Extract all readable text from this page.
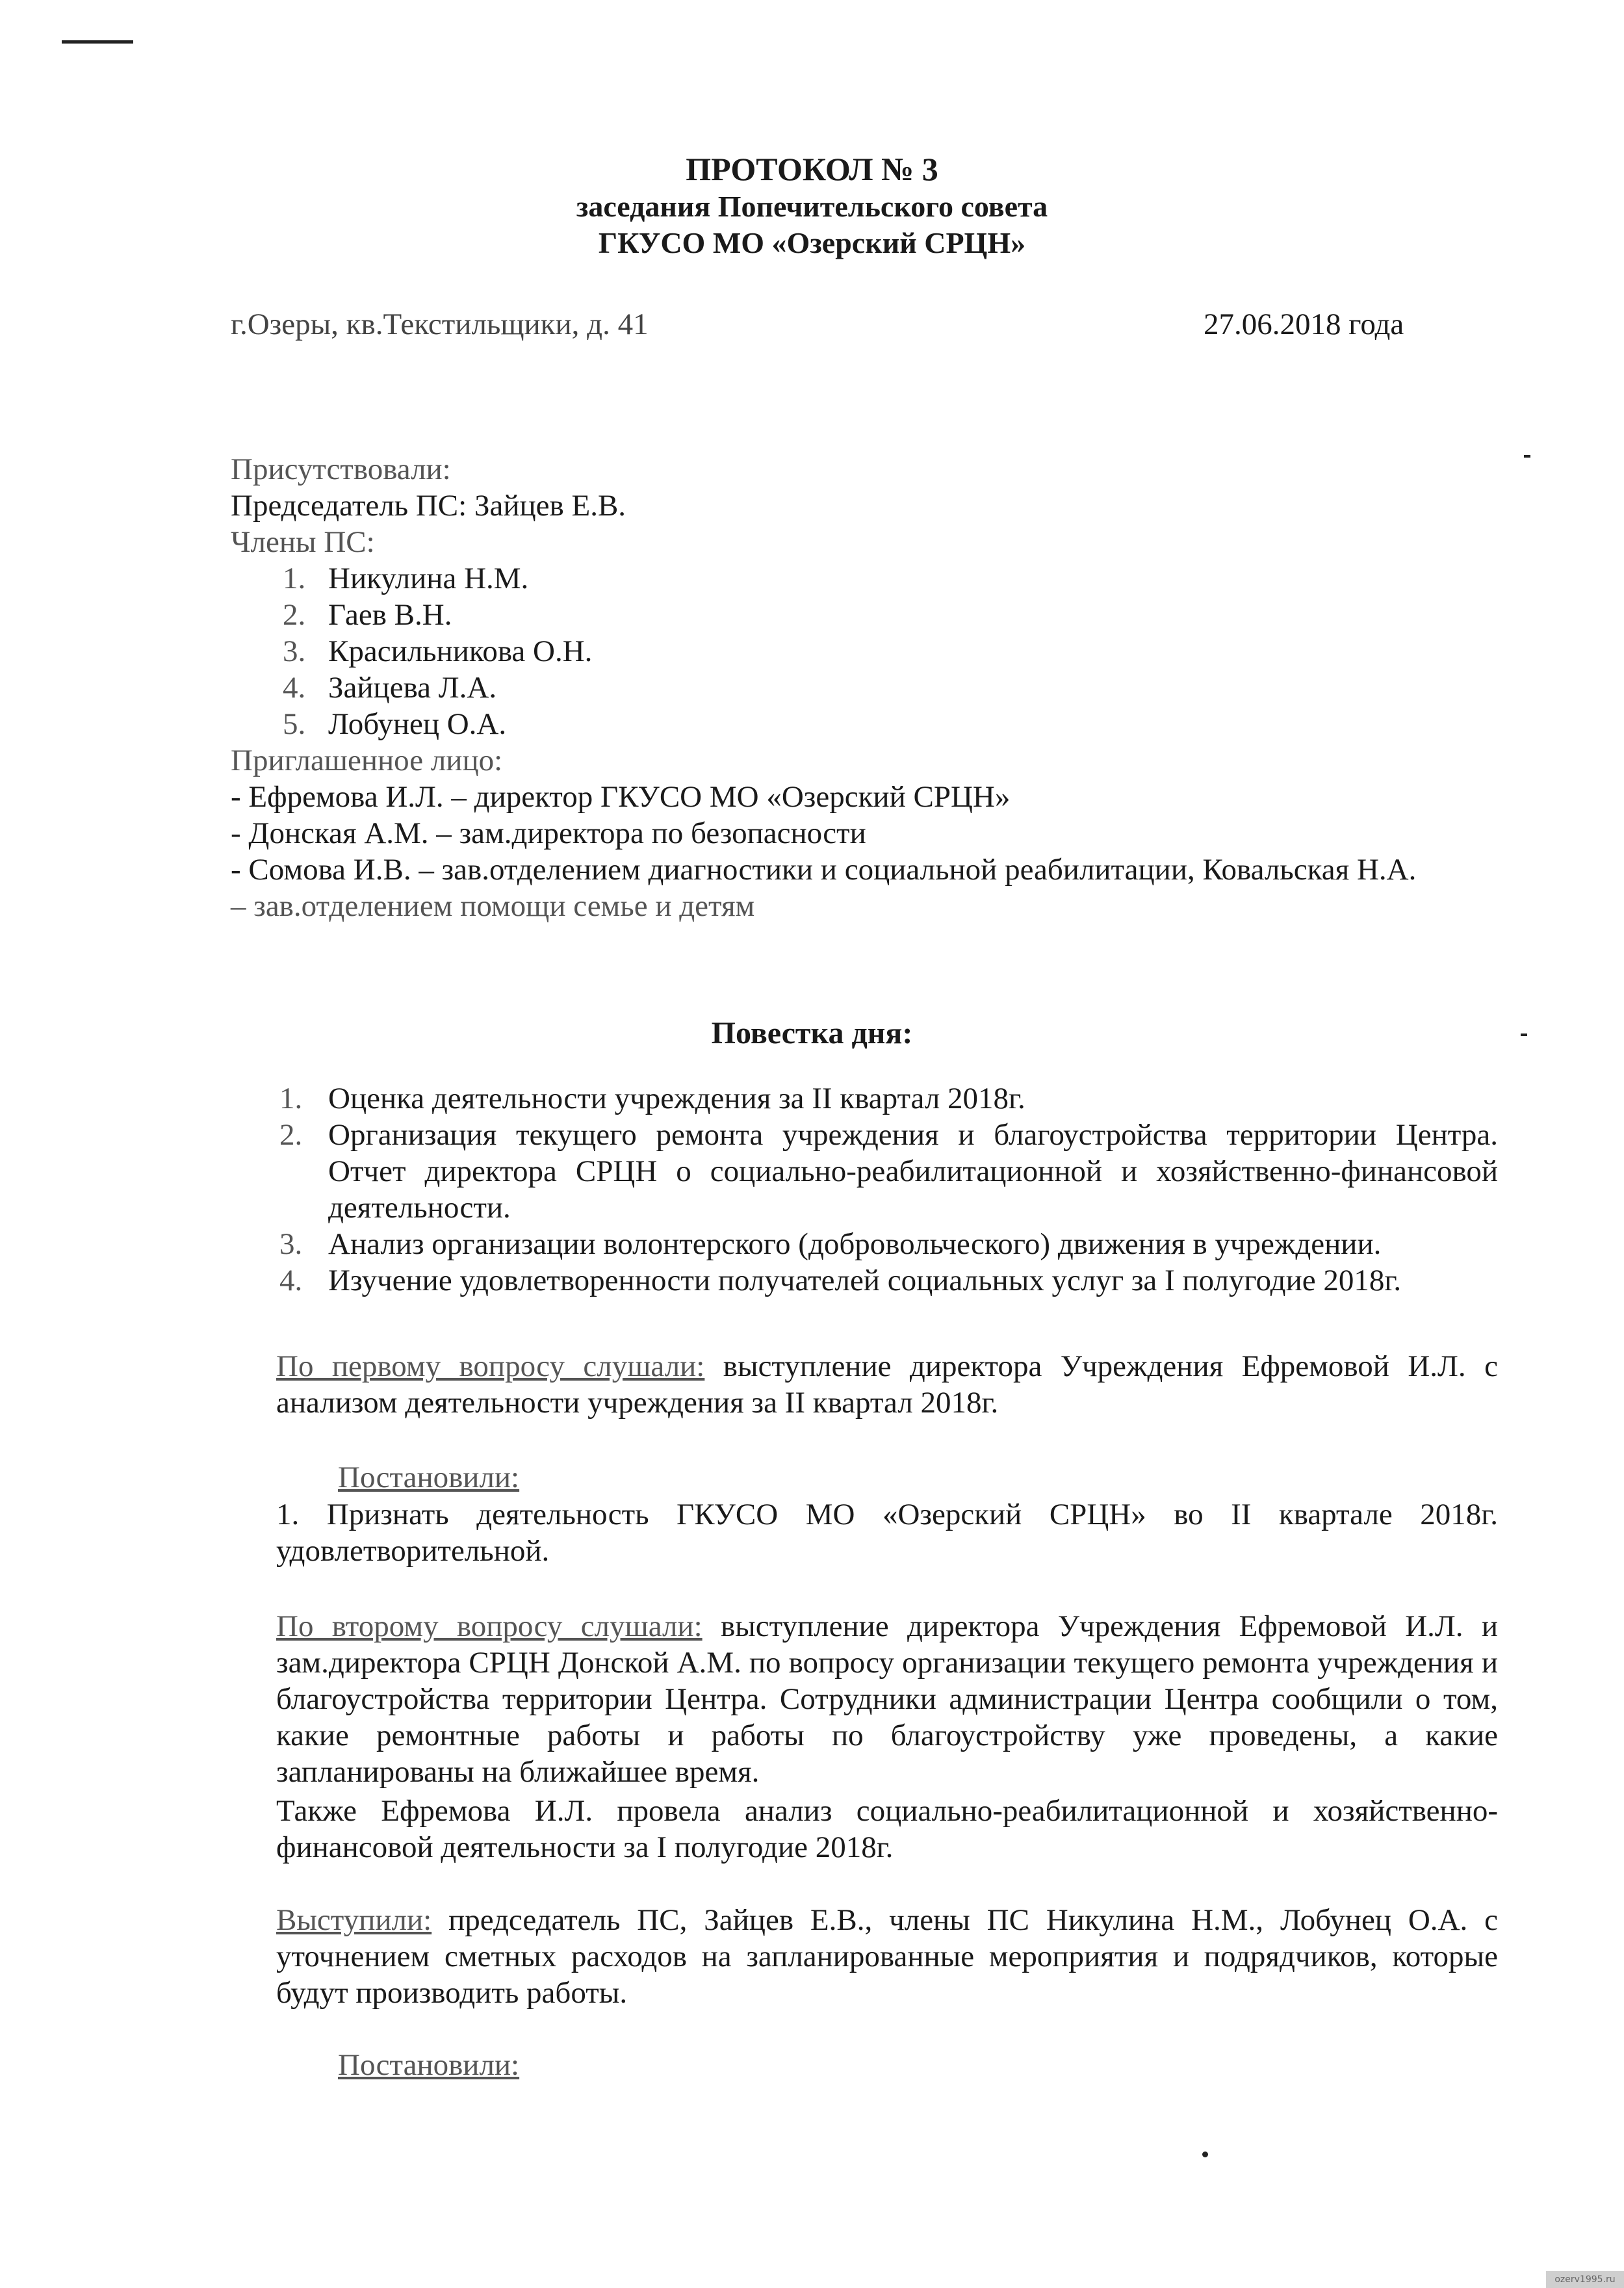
ПРОТОКОЛ № 3
заседания Попечительского совета
ГКУСО МО «Озерский СРЦН»
г.Озеры, кв.Текстильщики, д. 41	27.06.2018 года
Присутствовали:
Председатель ПС: Зайцев Е.В.
Члены ПС:
1. Никулина Н.М.
2. Гаев В.Н.
3. Красильникова О.Н.
4. Зайцева Л.А.
5. Лобунец О.А.
Приглашенное лицо:
- Ефремова И.Л. – директор ГКУСО МО «Озерский СРЦН»
- Донская А.М. – зам.директора по безопасности
- Сомова И.В. – зав.отделением диагностики и социальной реабилитации, Ковальская Н.А.
– зав.отделением помощи семье и детям
Повестка дня:
1. Оценка деятельности учреждения за II квартал 2018г.
2. Организация текущего ремонта учреждения и благоустройства территории Центра. Отчет директора СРЦН о социально-реабилитационной и хозяйственно-финансовой деятельности.
3. Анализ организации волонтерского (добровольческого) движения в учреждении.
4. Изучение удовлетворенности получателей социальных услуг за I полугодие 2018г.
По первому вопросу слушали: выступление директора Учреждения Ефремовой И.Л. с анализом деятельности учреждения за II квартал 2018г.
Постановили:
1. Признать деятельность ГКУСО МО «Озерский СРЦН» во II квартале 2018г. удовлетворительной.
По второму вопросу слушали: выступление директора Учреждения Ефремовой И.Л. и зам.директора СРЦН Донской А.М. по вопросу организации текущего ремонта учреждения и благоустройства территории Центра. Сотрудники администрации Центра сообщили о том, какие ремонтные работы и работы по благоустройству уже проведены, а какие запланированы на ближайшее время.
Также Ефремова И.Л. провела анализ социально-реабилитационной и хозяйственно-финансовой деятельности за I полугодие 2018г.
Выступили: председатель ПС, Зайцев Е.В., члены ПС Никулина Н.М., Лобунец О.А. с уточнением сметных расходов на запланированные мероприятия и подрядчиков, которые будут производить работы.
Постановили:
ozerv1995.ru
